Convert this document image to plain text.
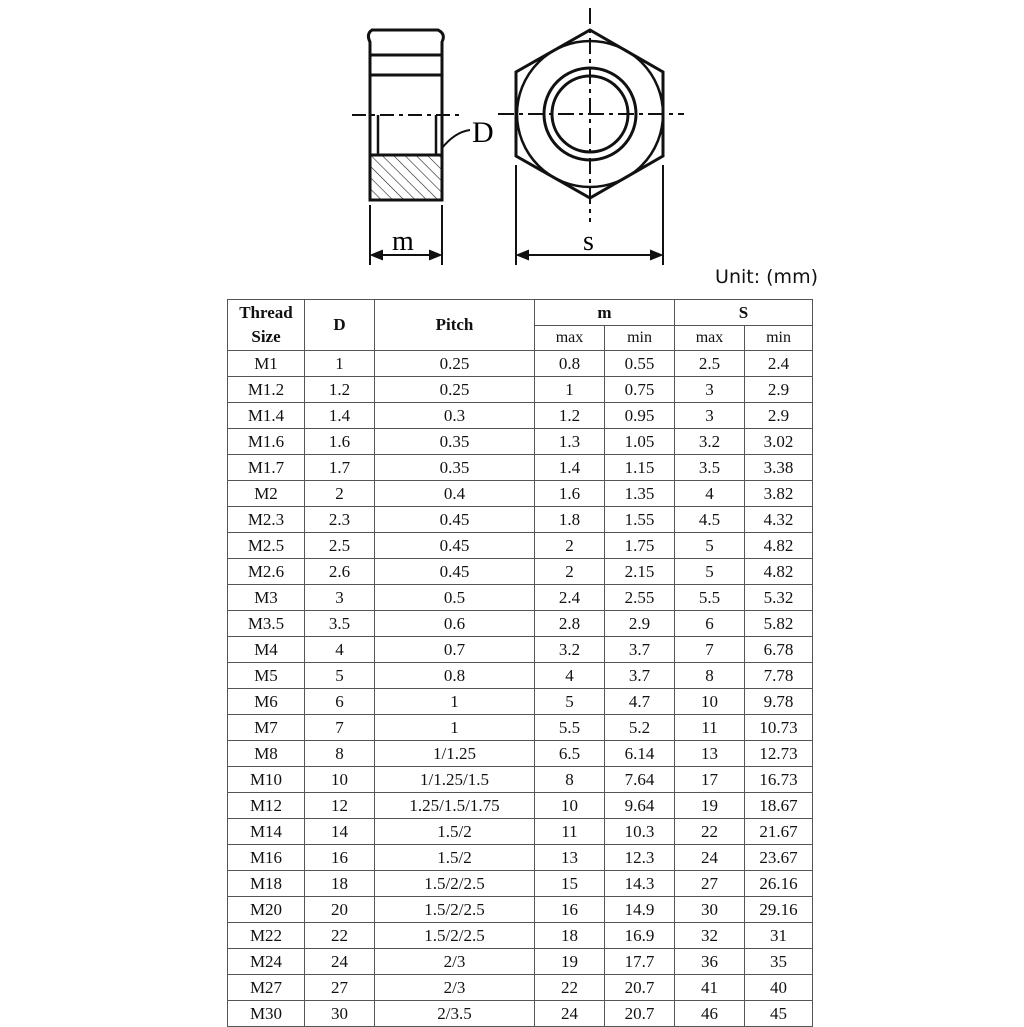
D
m	s
Unit: (mm)
Thread
Size	D	Pitch	m		S	
			max	min	max	min
M1	1	0.25	0.8	0.55	2.5	2.4
M1.2	1.2	0.25	1	0.75	3	2.9
M1.4	1.4	0.3	1.2	0.95	3	2.9
M1.6	1.6	0.35	1.3	1.05	3.2	3.02
M1.7	1.7	0.35	1.4	1.15	3.5	3.38
M2	2	0.4	1.6	1.35	4	3.82
M2.3	2.3	0.45	1.8	1.55	4.5	4.32
M2.5	2.5	0.45	2	1.75	5	4.82
M2.6	2.6	0.45	2	2.15	5	4.82
M3	3	0.5	2.4	2.55	5.5	5.32
M3.5	3.5	0.6	2.8	2.9	6	5.82
M4	4	0.7	3.2	3.7	7	6.78
M5	5	0.8	4	3.7	8	7.78
M6	6	1	5	4.7	10	9.78
M7	7	1	5.5	5.2	11	10.73
M8	8	1/1.25	6.5	6.14	13	12.73
M10	10	1/1.25/1.5	8	7.64	17	16.73
M12	12	1.25/1.5/1.75	10	9.64	19	18.67
M14	14	1.5/2	11	10.3	22	21.67
M16	16	1.5/2	13	12.3	24	23.67
M18	18	1.5/2/2.5	15	14.3	27	26.16
M20	20	1.5/2/2.5	16	14.9	30	29.16
M22	22	1.5/2/2.5	18	16.9	32	31
M24	24	2/3	19	17.7	36	35
M27	27	2/3	22	20.7	41	40
M30	30	2/3.5	24	20.7	46	45
